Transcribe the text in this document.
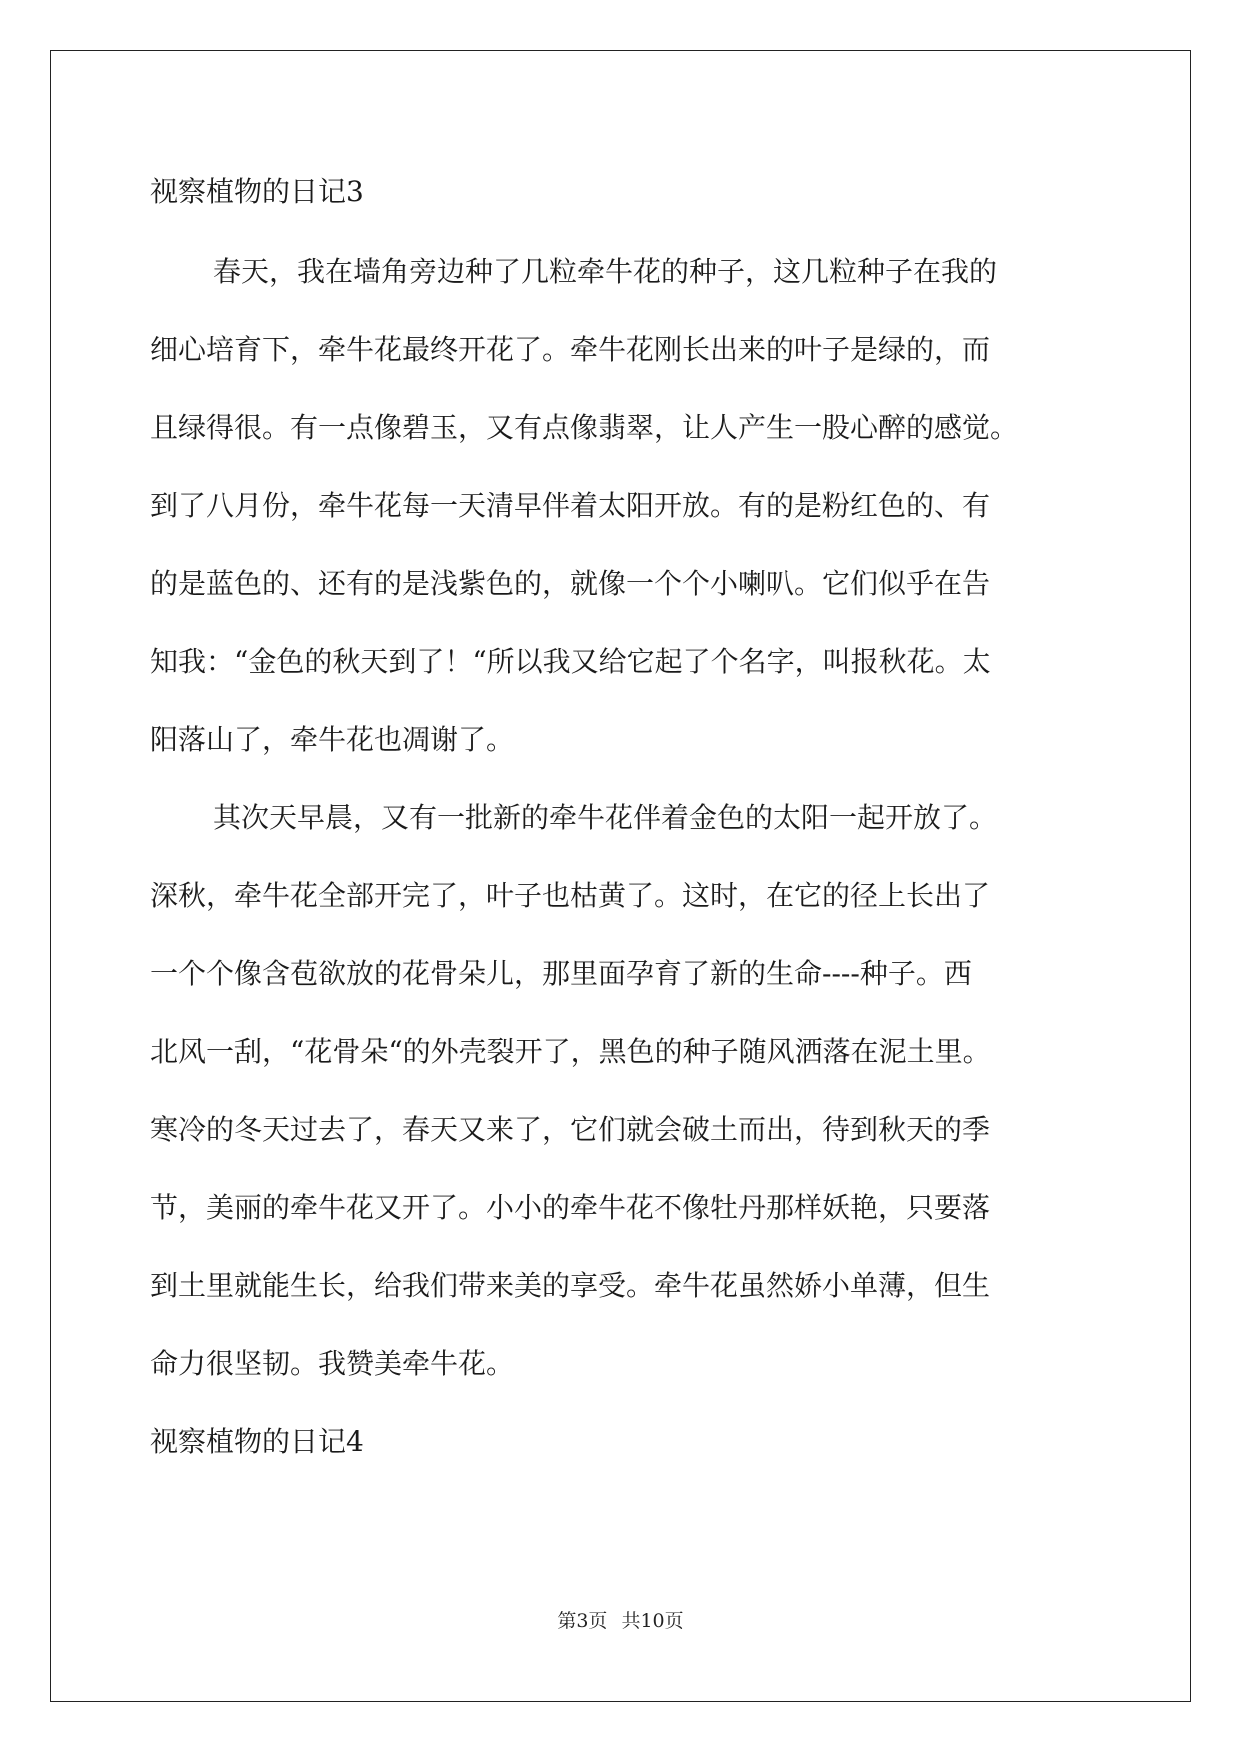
视察植物的日记3
春天，我在墙角旁边种了几粒牵牛花的种子，这几粒种子在我的
细心培育下，牵牛花最终开花了。牵牛花刚长出来的叶子是绿的，而
且绿得很。有一点像碧玉，又有点像翡翠，让人产生一股心醉的感觉。
到了八月份，牵牛花每一天清早伴着太阳开放。有的是粉红色的、有
的是蓝色的、还有的是浅紫色的，就像一个个小喇叭。它们似乎在告
知我：“金色的秋天到了！“所以我又给它起了个名字，叫报秋花。太
阳落山了，牵牛花也凋谢了。
其次天早晨，又有一批新的牵牛花伴着金色的太阳一起开放了。
深秋，牵牛花全部开完了，叶子也枯黄了。这时，在它的径上长出了
一个个像含苞欲放的花骨朵儿，那里面孕育了新的生命----种子。西
北风一刮，“花骨朵“的外壳裂开了，黑色的种子随风洒落在泥土里。
寒冷的冬天过去了，春天又来了，它们就会破土而出，待到秋天的季
节，美丽的牵牛花又开了。小小的牵牛花不像牡丹那样妖艳，只要落
到土里就能生长，给我们带来美的享受。牵牛花虽然娇小单薄，但生
命力很坚韧。我赞美牵牛花。
视察植物的日记4
第3页 共10页
